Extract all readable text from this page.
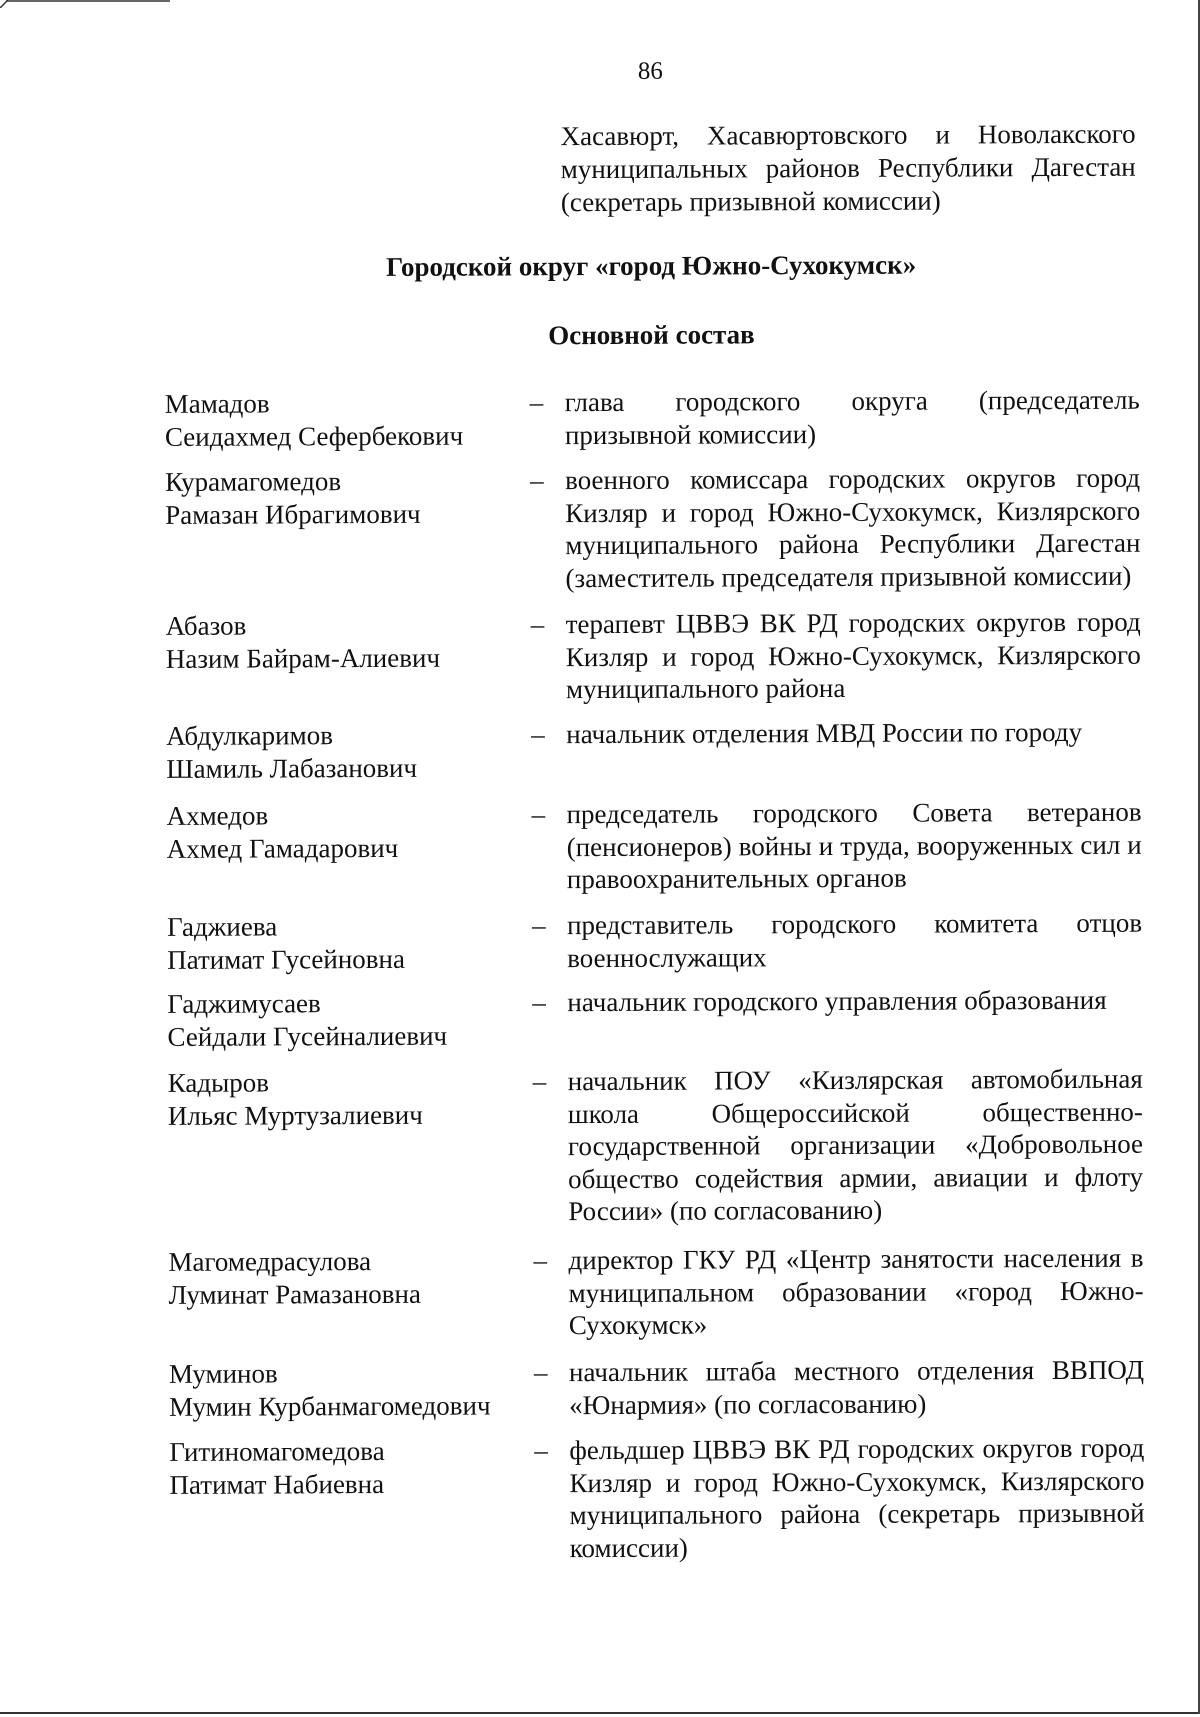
86
Хасавюрт, Хасавюртовского и Новолакского муниципальных районов Республики Дагестан (секретарь призывной комиссии)
Городской округ «город Южно-Сухокумск»
Основной состав
Мамадов
Сеидахмед Сефербекович
– глава городского округа (председатель призывной комиссии)
Курамагомедов
Рамазан Ибрагимович
– военного комиссара городских округов город Кизляр и город Южно-Сухокумск, Кизлярского муниципального района Республики Дагестан (заместитель председателя призывной комиссии)
Абазов
Назим Байрам-Алиевич
– терапевт ЦВВЭ ВК РД городских округов город Кизляр и город Южно-Сухокумск, Кизлярского муниципального района
Абдулкаримов
Шамиль Лабазанович
– начальник отделения МВД России по городу
Ахмедов
Ахмед Гамадарович
– председатель городского Совета ветеранов (пенсионеров) войны и труда, вооруженных сил и правоохранительных органов
Гаджиева
Патимат Гусейновна
– представитель городского комитета отцов военнослужащих
Гаджимусаев
Сейдали Гусейналиевич
– начальник городского управления образования
Кадыров
Ильяс Муртузалиевич
– начальник ПОУ «Кизлярская автомобильная школа Общероссийской общественно-государственной организации «Добровольное общество содействия армии, авиации и флоту России» (по согласованию)
Магомедрасулова
Луминат Рамазановна
– директор ГКУ РД «Центр занятости населения в муниципальном образовании «город Южно-Сухокумск»
Муминов
Мумин Курбанмагомедович
– начальник штаба местного отделения ВВПОД «Юнармия» (по согласованию)
Гитиномагомедова
Патимат Набиевна
– фельдшер ЦВВЭ ВК РД городских округов город Кизляр и город Южно-Сухокумск, Кизлярского муниципального района (секретарь призывной комиссии)
